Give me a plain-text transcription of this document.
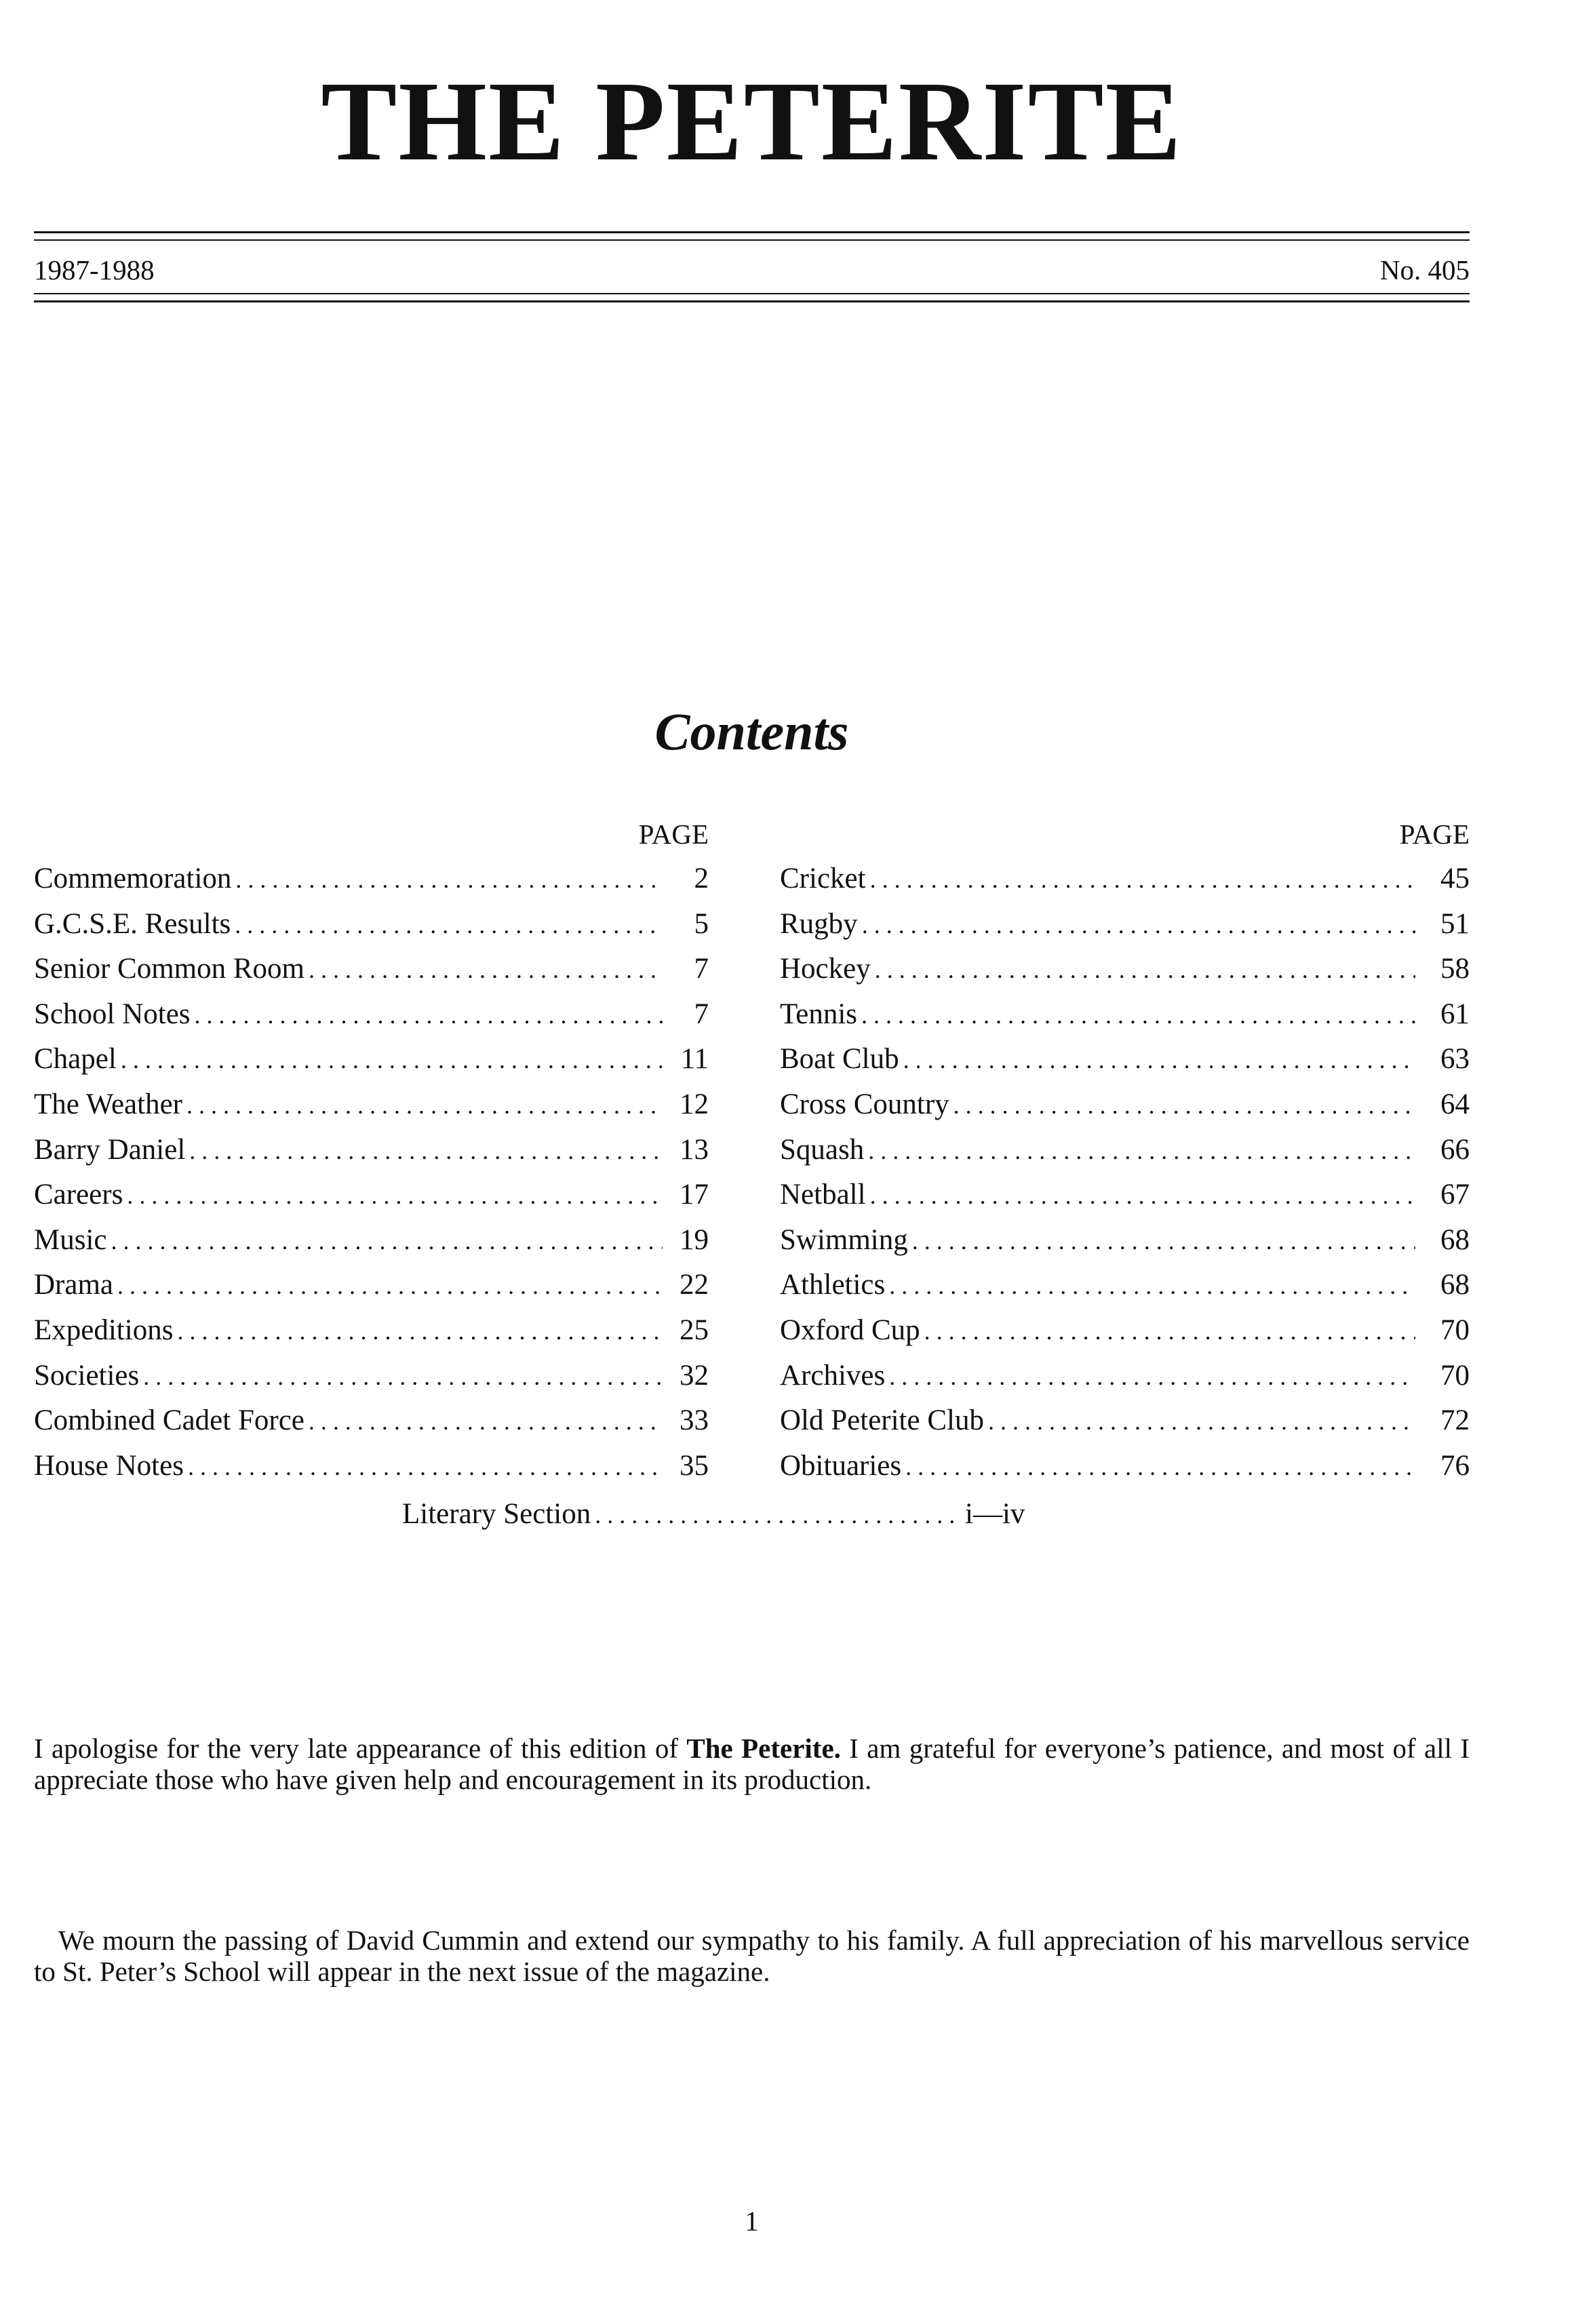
THE PETERITE
1987-1988	No. 405
Contents
PAGE
Commemoration . . .	2
G.C.S.E. Results . . .	5
Senior Common Room . . .	7
School Notes . . .	7
Chapel . . .	11
The Weather . . .	12
Barry Daniel . . .	13
Careers . . .	17
Music . . .	19
Drama . . .	22
Expeditions . . .	25
Societies . . .	32
Combined Cadet Force . . .	33
House Notes . . .	35
PAGE
Cricket . . .	45
Rugby . . .	51
Hockey . . .	58
Tennis . . .	61
Boat Club . . .	63
Cross Country . . .	64
Squash . . .	66
Netball . . .	67
Swimming . . .	68
Athletics . . .	68
Oxford Cup . . .	70
Archives . . .	70
Old Peterite Club . . .	72
Obituaries . . .	76
Literary Section . . .	i—iv
I apologise for the very late appearance of this edition of The Peterite. I am grateful for everyone’s patience, and most of all I appreciate those who have given help and encouragement in its production.
We mourn the passing of David Cummin and extend our sympathy to his family. A full appreciation of his marvellous service to St. Peter’s School will appear in the next issue of the magazine.
1
